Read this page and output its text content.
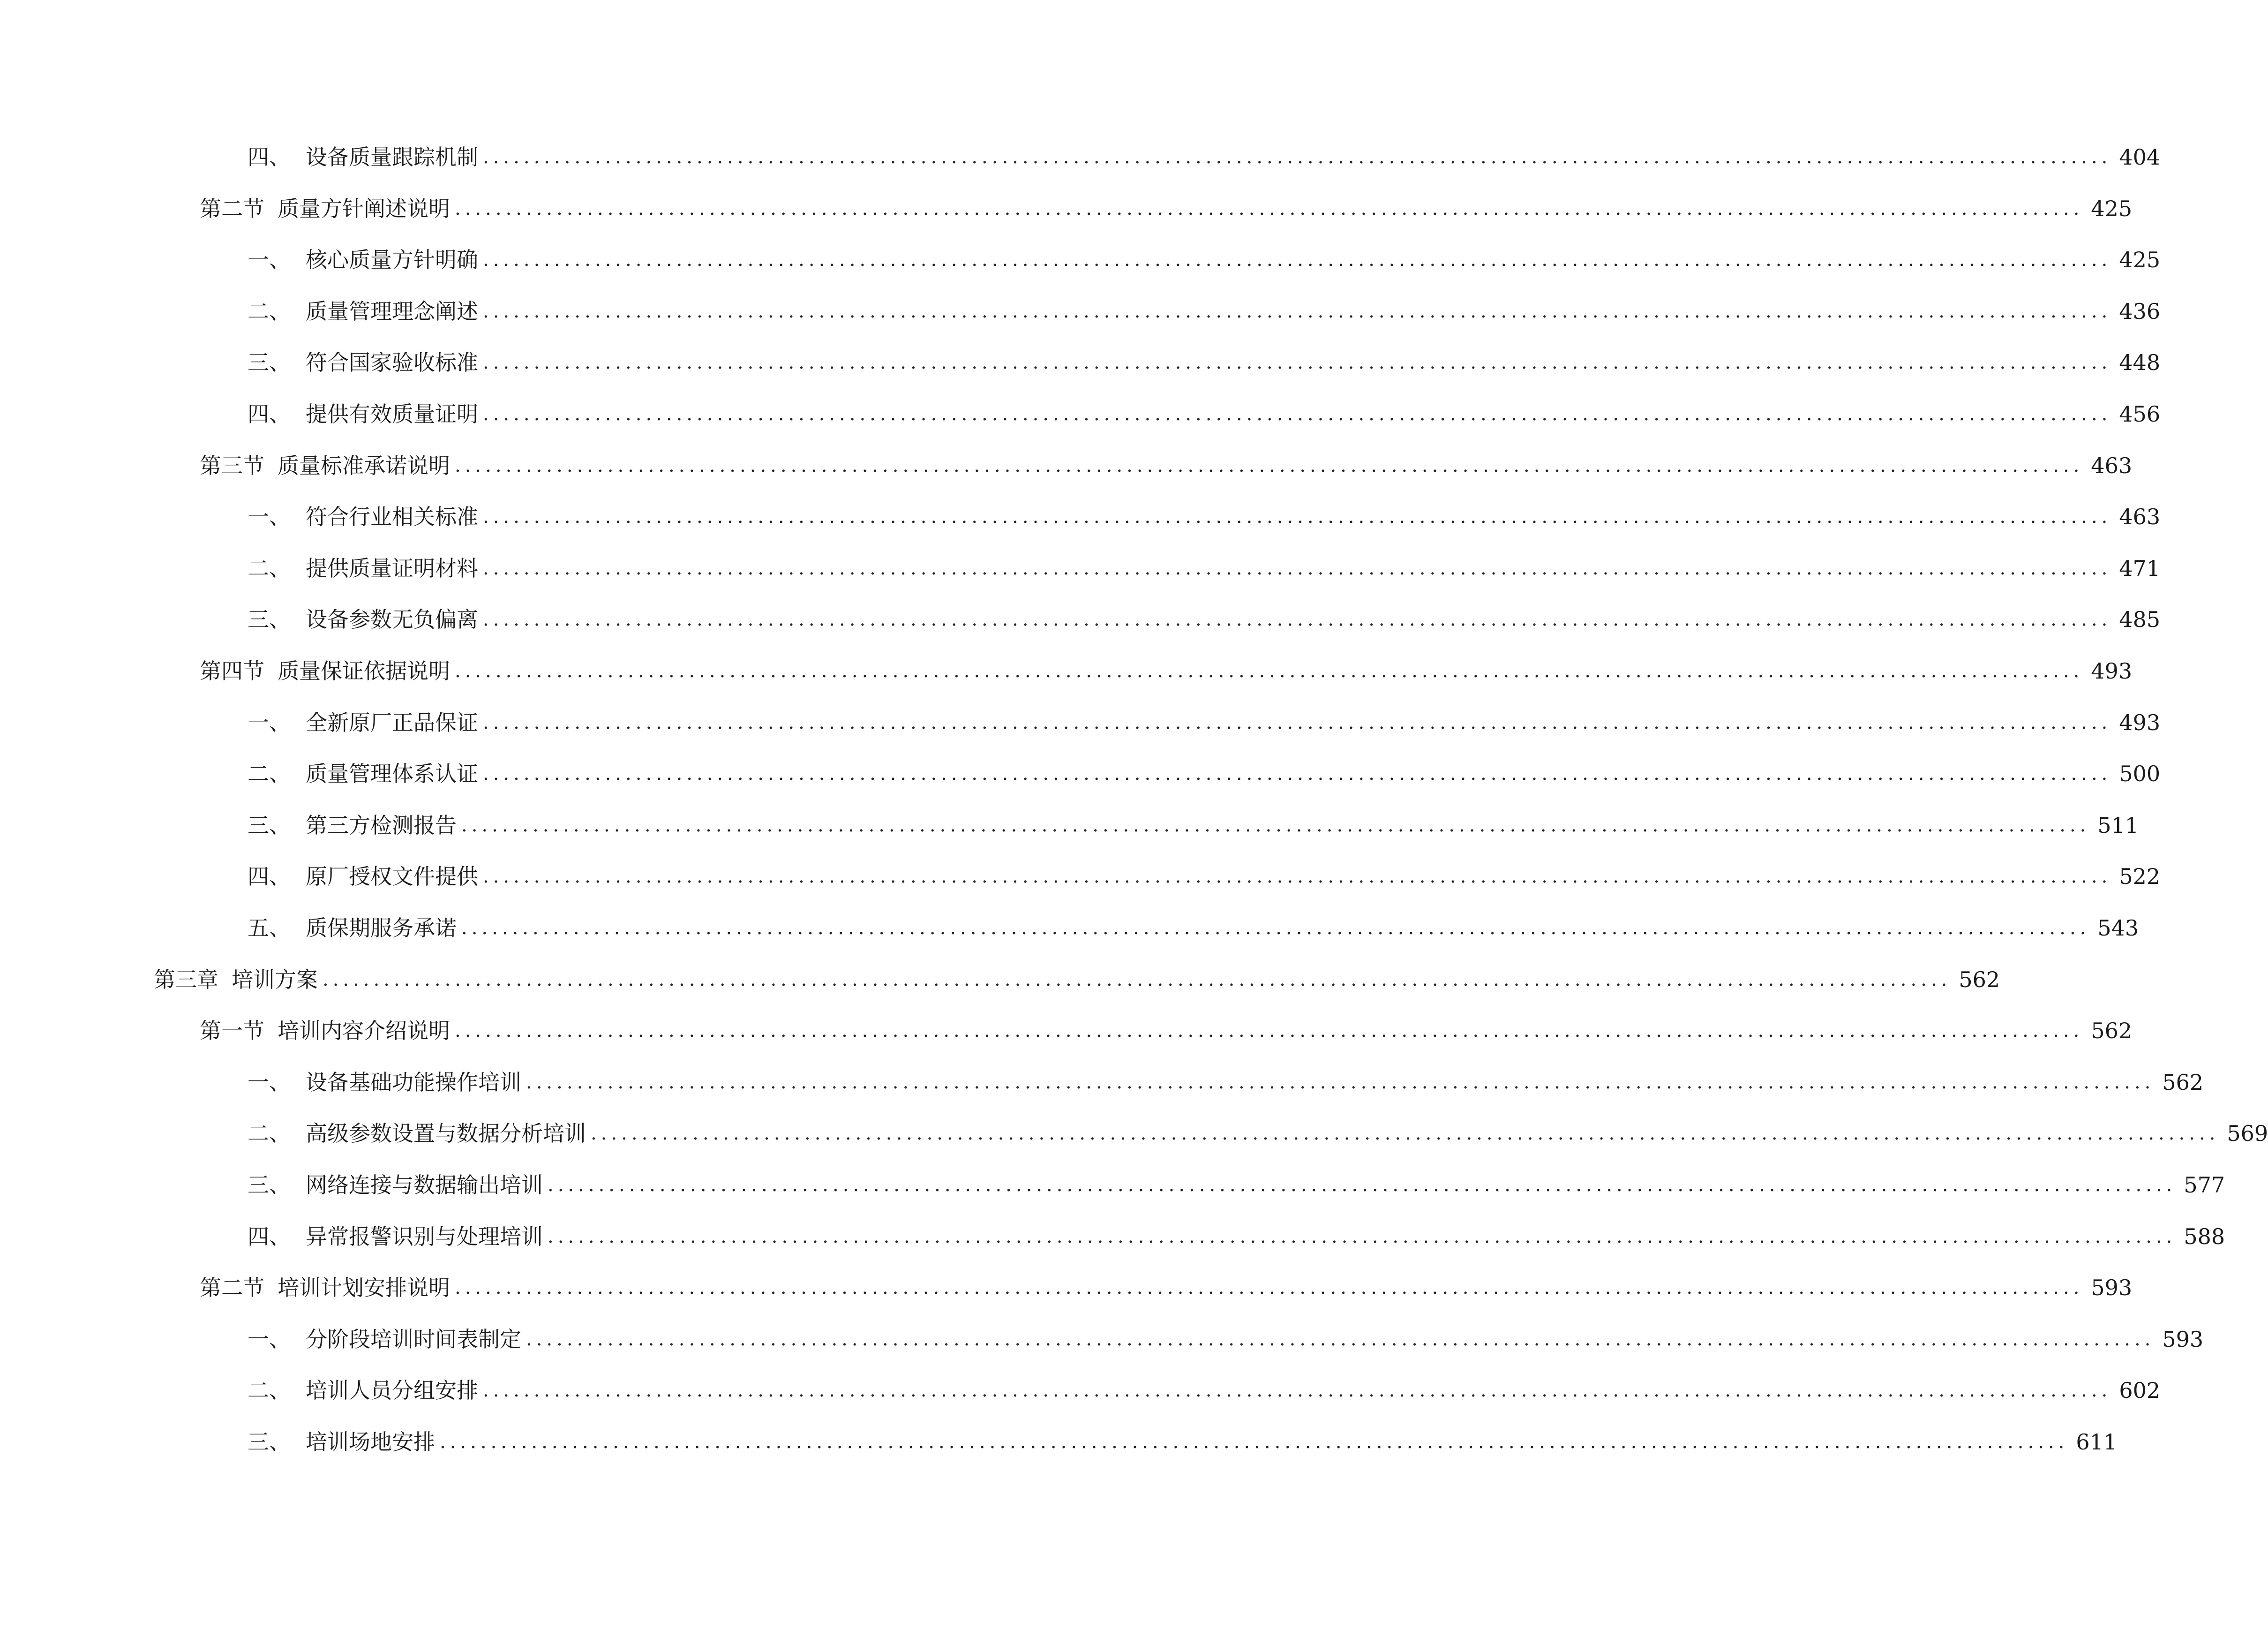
四、 设备质量跟踪机制 ................................................................................................................................................................ 404
第二节 质量方针阐述说明 ................................................................................................................................................................ 425
一、 核心质量方针明确 ................................................................................................................................................................ 425
二、 质量管理理念阐述 ................................................................................................................................................................ 436
三、 符合国家验收标准 ................................................................................................................................................................ 448
四、 提供有效质量证明 ................................................................................................................................................................ 456
第三节 质量标准承诺说明 ................................................................................................................................................................ 463
一、 符合行业相关标准 ................................................................................................................................................................ 463
二、 提供质量证明材料 ................................................................................................................................................................ 471
三、 设备参数无负偏离 ................................................................................................................................................................ 485
第四节 质量保证依据说明 ................................................................................................................................................................ 493
一、 全新原厂正品保证 ................................................................................................................................................................ 493
二、 质量管理体系认证 ................................................................................................................................................................ 500
三、 第三方检测报告 ................................................................................................................................................................ 511
四、 原厂授权文件提供 ................................................................................................................................................................ 522
五、 质保期服务承诺 ................................................................................................................................................................ 543
第三章 培训方案 ................................................................................................................................................................ 562
第一节 培训内容介绍说明 ................................................................................................................................................................ 562
一、 设备基础功能操作培训 ................................................................................................................................................................ 562
二、 高级参数设置与数据分析培训 ................................................................................................................................................................ 569
三、 网络连接与数据输出培训 ................................................................................................................................................................ 577
四、 异常报警识别与处理培训 ................................................................................................................................................................ 588
第二节 培训计划安排说明 ................................................................................................................................................................ 593
一、 分阶段培训时间表制定 ................................................................................................................................................................ 593
二、 培训人员分组安排 ................................................................................................................................................................ 602
三、 培训场地安排 ................................................................................................................................................................ 611
